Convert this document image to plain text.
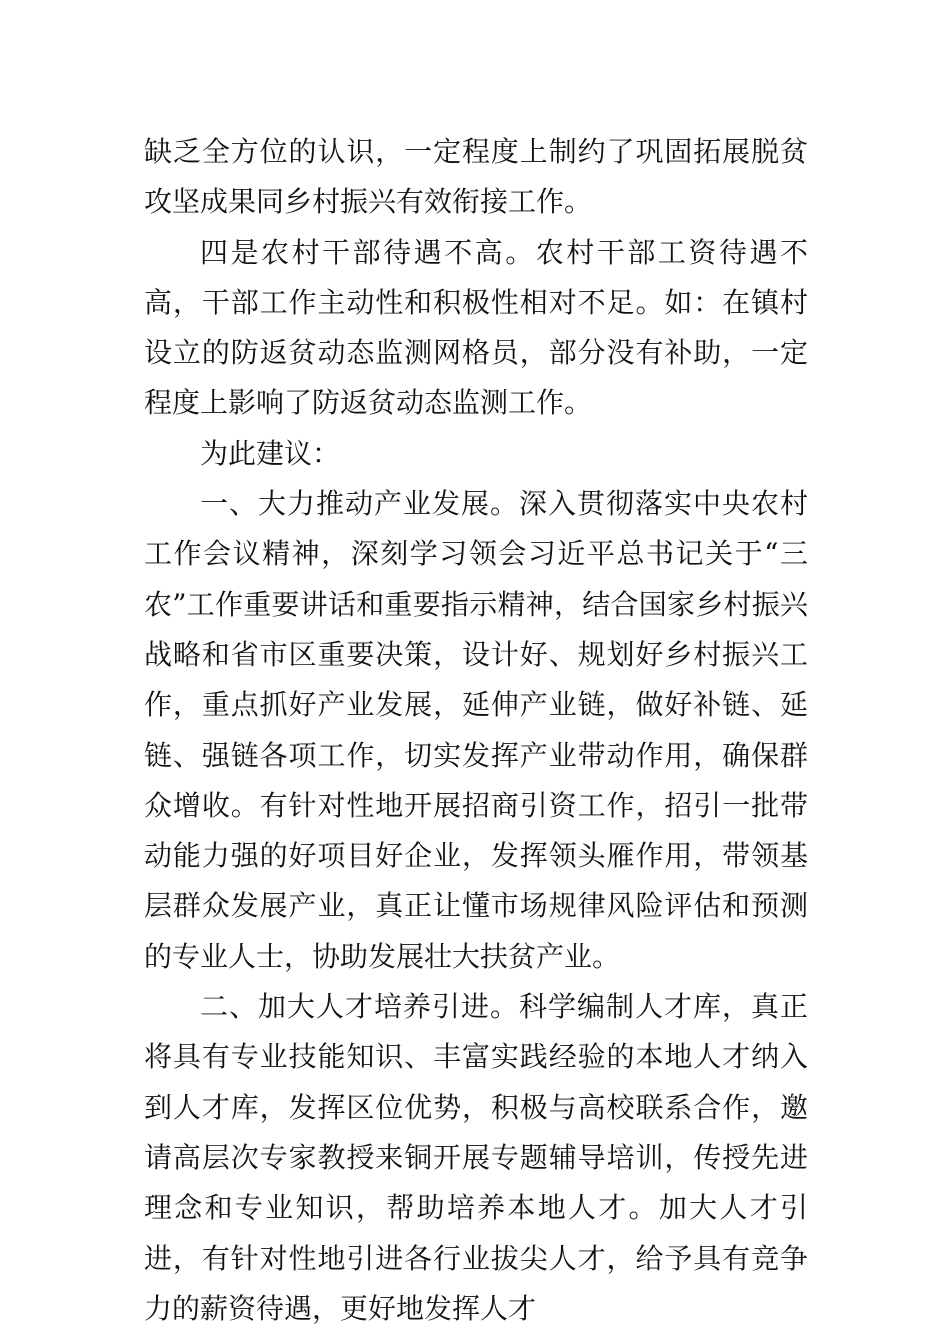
缺乏全方位的认识，一定程度上制约了巩固拓展脱贫攻坚成果同乡村振兴有效衔接工作。

四是农村干部待遇不高。农村干部工资待遇不高，干部工作主动性和积极性相对不足。如：在镇村设立的防返贫动态监测网格员，部分没有补助，一定程度上影响了防返贫动态监测工作。

为此建议：

一、大力推动产业发展。深入贯彻落实中央农村工作会议精神，深刻学习领会习近平总书记关于“三农”工作重要讲话和重要指示精神，结合国家乡村振兴战略和省市区重要决策，设计好、规划好乡村振兴工作，重点抓好产业发展，延伸产业链，做好补链、延链、强链各项工作，切实发挥产业带动作用，确保群众增收。有针对性地开展招商引资工作，招引一批带动能力强的好项目好企业，发挥领头雁作用，带领基层群众发展产业，真正让懂市场规律风险评估和预测的专业人士，协助发展壮大扶贫产业。

二、加大人才培养引进。科学编制人才库，真正将具有专业技能知识、丰富实践经验的本地人才纳入到人才库，发挥区位优势，积极与高校联系合作，邀请高层次专家教授来铜开展专题辅导培训，传授先进理念和专业知识，帮助培养本地人才。加大人才引进，有针对性地引进各行业拔尖人才，给予具有竞争力的薪资待遇，更好地发挥人才
